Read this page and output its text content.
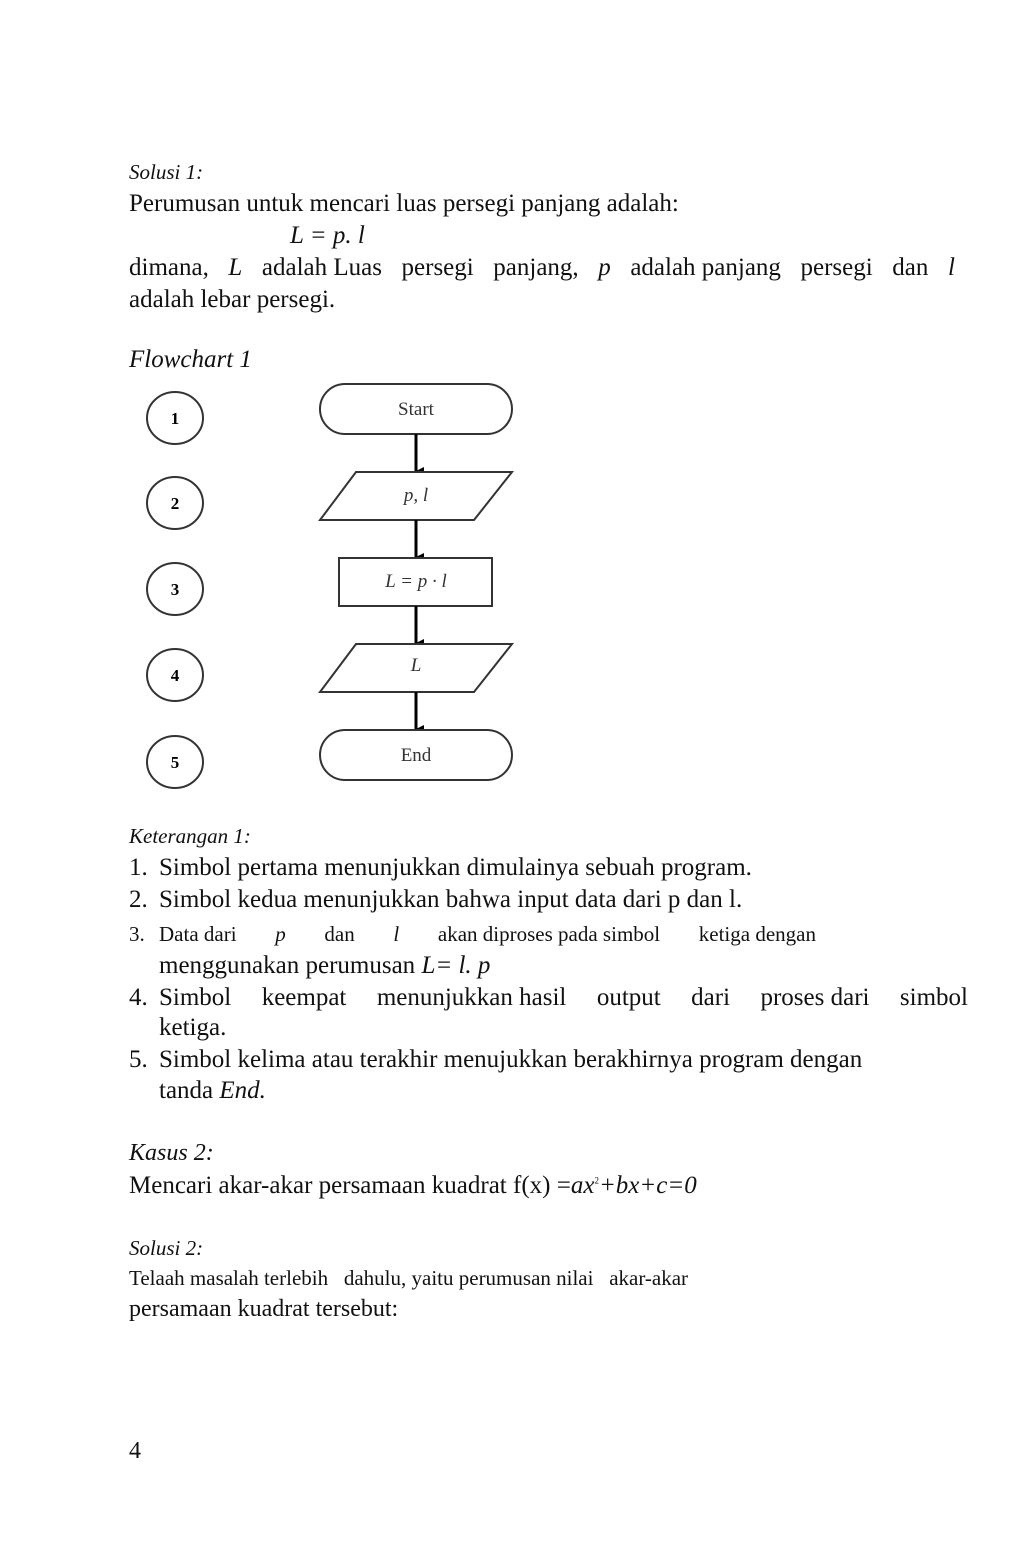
Solusi 1:
Perumusan untuk mencari luas persegi panjang adalah:
L = p. l
dimana, L adalah Luas persegi panjang, p adalah panjang persegi dan l
adalah lebar persegi.
Flowchart 1
1
2
3
4
5
Start
p, l
L = p · l
L
End
Keterangan 1:
1. Simbol pertama menunjukkan dimulainya sebuah program.
2. Simbol kedua menunjukkan bahwa input data dari p dan l.
3. Data dari p dan l akan diproses pada simbol ketiga dengan
menggunakan perumusan L= l. p
4. Simbol keempat menunjukkan hasil output dari proses dari simbol
ketiga.
5. Simbol kelima atau terakhir menujukkan berakhirnya program dengan
tanda End.
Kasus 2:
Mencari akar-akar persamaan kuadrat $f(x) =ax^2+bx+c=0$
Solusi 2:
Telaah masalah terlebih   dahulu, yaitu perumusan nilai   akar-akar
persamaan kuadrat tersebut:
4
